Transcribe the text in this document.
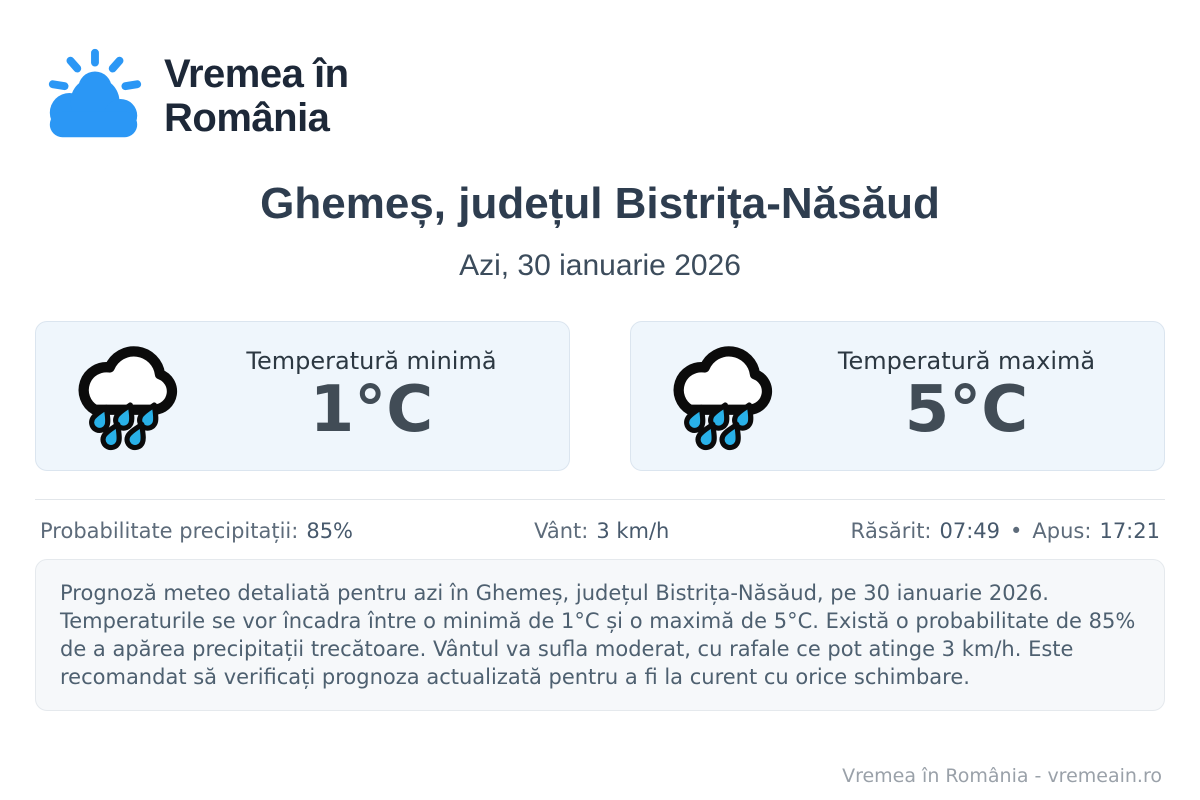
Vremea în
România
Ghemeș, județul Bistrița-Năsăud
Azi, 30 ianuarie 2026
Temperatură minimă
1°C
Temperatură maximă
5°C
Probabilitate precipitații: 85%	Vânt: 3 km/h	Răsărit: 07:49 • Apus: 17:21
Prognoză meteo detaliată pentru azi în Ghemeș, județul Bistrița-Năsăud, pe 30 ianuarie 2026. Temperaturile se vor încadra între o minimă de 1°C și o maximă de 5°C. Există o probabilitate de 85% de a apărea precipitații trecătoare. Vântul va sufla moderat, cu rafale ce pot atinge 3 km/h. Este recomandat să verificați prognoza actualizată pentru a fi la curent cu orice schimbare.
Vremea în România - vremeain.ro
